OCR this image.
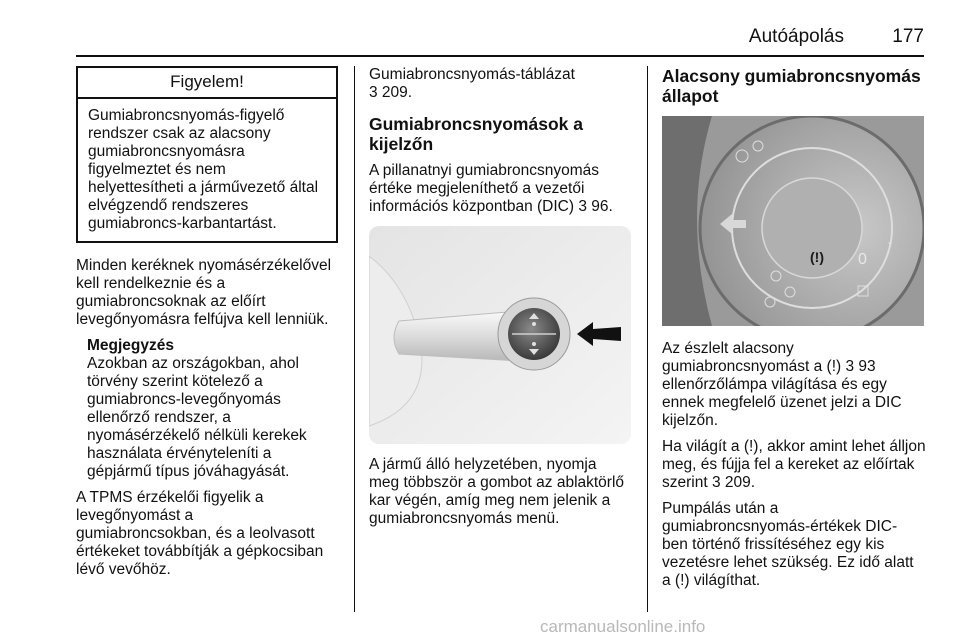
Autóápolás	177
Figyelem!
Gumiabroncsnyomás-figyelő
rendszer csak az alacsony
gumiabroncsnyomásra
figyelmeztet és nem
helyettesítheti a járművezető által
elvégzendő rendszeres
gumiabroncs-karbantartást.
Minden keréknek nyomásérzékelővel
kell rendelkeznie és a
gumiabroncsoknak az előírt
levegőnyomásra felfújva kell lenniük.
Megjegyzés
Azokban az országokban, ahol
törvény szerint kötelező a
gumiabroncs-levegőnyomás
ellenőrző rendszer, a
nyomásérzékelő nélküli kerekek
használata érvényteleníti a
gépjármű típus jóváhagyását.
A TPMS érzékelői figyelik a
levegőnyomást a
gumiabroncsokban, és a leolvasott
értékeket továbbítják a gépkocsiban
lévő vevőhöz.
Gumiabroncsnyomás-táblázat
3 209.
Gumiabroncsnyomások a
kijelzőn
A pillanatnyi gumiabroncsnyomás
értéke megjeleníthető a vezetői
információs központban (DIC) 3 96.
A jármű álló helyzetében, nyomja
meg többször a gombot az ablaktörlő
kar végén, amíg meg nem jelenik a
gumiabroncsnyomás menü.
Alacsony gumiabroncsnyomás
állapot
(!) 0
-
Az észlelt alacsony
gumiabroncsnyomást a (!) 3 93
ellenőrzőlámpa világítása és egy
ennek megfelelő üzenet jelzi a DIC
kijelzőn.
Ha világít a (!), akkor amint lehet álljon
meg, és fújja fel a kereket az előírtak
szerint 3 209.
Pumpálás után a
gumiabroncsnyomás-értékek DIC-
ben történő frissítéséhez egy kis
vezetésre lehet szükség. Ez idő alatt
a (!) világíthat.
carmanualsonline.info
